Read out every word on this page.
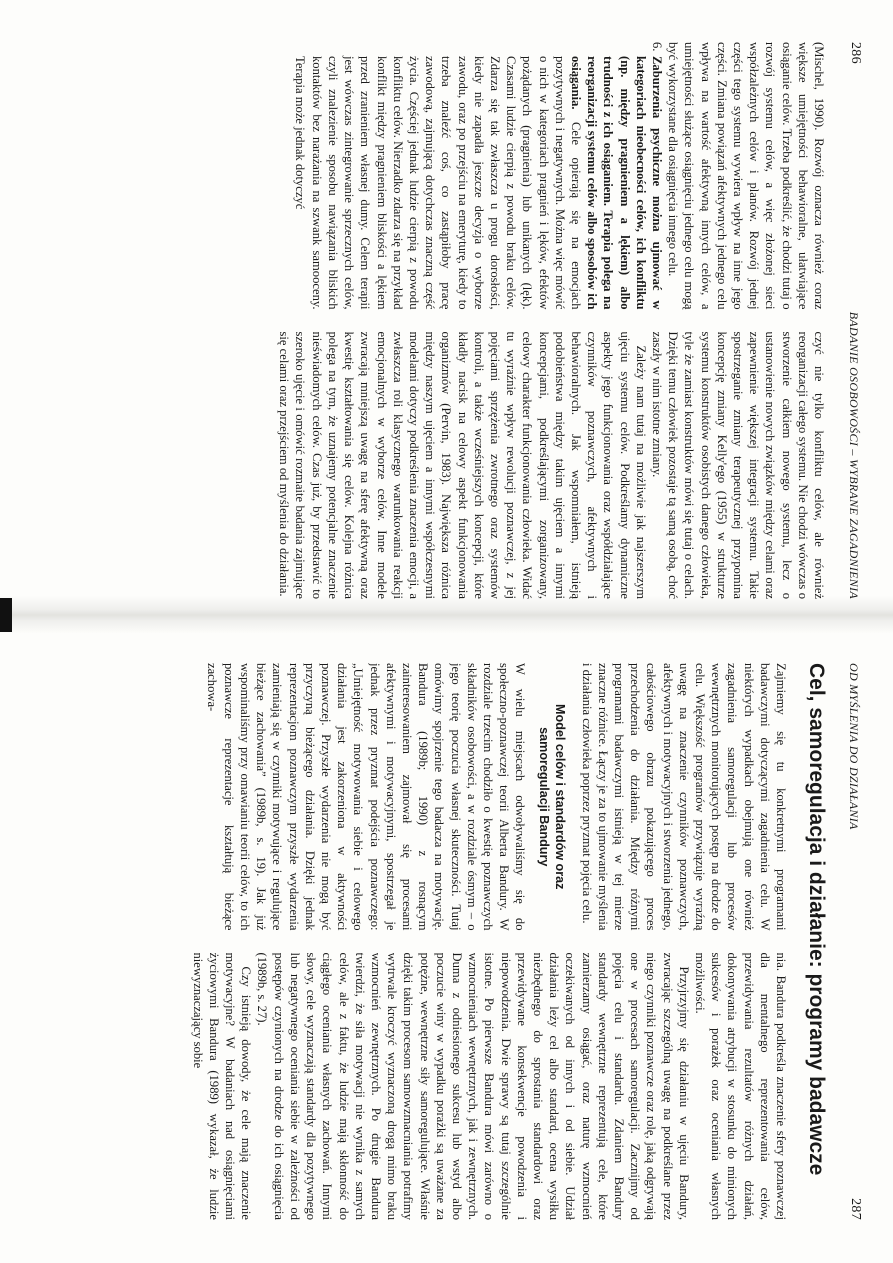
286
BADANIE OSOBOWOŚCI – WYBRANE ZAGADNIENIA

(Mischel, 1990). Rozwój oznacza również coraz większe umiejętności behawioralne, ułatwiające osiąganie celów. Trzeba podkreślić, że chodzi tutaj o rozwój systemu celów, a więc złożonej sieci współzależnych celów i planów. Rozwój jednej części tego systemu wywiera wpływ na inne jego części. Zmiana powiązań afektywnych jednego celu wpływa na wartość afektywną innych celów, a umiejętności służące osiągnięciu jednego celu mogą być wykorzystane dla osiągnięcia innego celu.

6.
Zaburzenia psychiczne można ujmować w kategoriach nieobecności celów, ich konfliktu (np. między pragnieniem a lękiem) albo trudności z ich osiąganiem. Terapia polega na reorganizacji systemu celów albo sposobów ich osiągania. Cele opierają się na emocjach pozytywnych i negatywnych. Można więc mówić o nich w kategoriach pragnień i lęków, efektów pożądanych (pragnienia) lub unikanych (lęk). Czasami ludzie cierpią z powodu braku celów. Zdarza się tak zwłaszcza u progu dorosłości, kiedy nie zapadła jeszcze decyzja o wyborze zawodu, oraz po przejściu na emeryturę, kiedy to trzeba znaleźć coś, co zastąpiłoby pracę zawodową, zajmującą dotychczas znaczną część życia. Częściej jednak ludzie cierpią z powodu konfliktu celów. Nierzadko zdarza się na przykład konflikt między pragnieniem bliskości a lękiem przed zranieniem własnej dumy. Celem terapii jest wówczas zintegrowanie sprzecznych celów, czyli znalezienie sposobu nawiązania bliskich kontaktów bez narażania na szwank samooceny. Terapia może jednak dotyczyć

czyć nie tylko konfliktu celów, ale również reorganizacji całego systemu. Nie chodzi wówczas o stworzenie całkiem nowego systemu, lecz o ustanowienie nowych związków między celami oraz zapewnienie większej integracji systemu. Takie spostrzeganie zmiany terapeutycznej przypomina koncepcję zmiany Kelly'ego (1955) w strukturze systemu konstruktów osobistych danego człowieka, tyle że zamiast konstruktów mówi się tutaj o celach. Dzięki temu człowiek pozostaje tą samą osobą, choć zaszły w nim istotne zmiany.

Zależy nam tutaj na możliwie jak najszerszym ujęciu systemu celów. Podkreślamy dynamiczne aspekty jego funkcjonowania oraz współdziałające czynników poznawczych, afektywnych i behawioralnych. Jak wspomniałem, istnieją podobieństwa między takim ujęciem a innymi koncepcjami, podkreślającymi zorganizowany, celowy charakter funkcjonowania człowieka. Widać tu wyraźnie wpływ rewolucji poznawczej, z jej pojęciami sprzężenia zwrotnego oraz systemów kontroli, a także wcześniejszych koncepcji, które kładły nacisk na celowy aspekt funkcjonowania organizmów (Pervin, 1983). Największa różnica między naszym ujęciem a innymi współczesnymi modelami dotyczy podkreślenia znaczenia emocji, a zwłaszcza roli klasycznego warunkowania reakcji emocjonalnych w wyborze celów. Inne modele zwracają mniejszą uwagę na sferę afektywną oraz kwestię kształtowania się celów. Kolejna różnica polega na tym, że uznajemy potencjalne znaczenie nieświadomych celów. Czas już, by przedstawić to szeroko ujęcie i omówić rozmaite badania zajmujące się celami oraz przejściem od myślenia do działania.

OD MYŚLENIA DO DZIAŁANIA
287
Cel, samoregulacja i działanie: programy badawcze

Zajmiemy się tu konkretnymi programami badawczymi dotyczącymi zagadnienia celu. W niektórych wypadkach obejmują one również zagadnienia samoregulacji lub procesów wewnętrznych monitorujących postęp na drodze do celu. Większość programów przywiązuje wyraźną uwagę na znaczenie czynników poznawczych, afektywnych i motywacyjnych i stworzenia jednego, całościowego obrazu pokazującego proces przechodzenia do działania. Między różnymi programami badawczymi istnieją w tej mierze znaczne różnice. Łączy je za to ujmowanie myślenia i działania człowieka poprzez pryzmat pojęcia celu.

Model celów i standardów oraz samoregulacji Bandury

W wielu miejscach odwoływaliśmy się do społeczno-poznawczej teorii Alberta Bandury. W rozdziale trzecim chodziło o kwestię poznawczych składników osobowości, a w rozdziale ósmym – o jego teorię poczucia własnej skuteczności. Tutaj omówimy spojrzenie tego badacza na motywację. Bandura (1989b; 1990) z rosnącym zainteresowaniem zajmował się procesami afektywnymi i motywacyjnymi, spostrzegał je jednak przez pryzmat podejścia poznawczego: „Umiejętność motywowania siebie i celowego działania jest zakorzeniona w aktywności poznawczej. Przyszłe wydarzenia nie mogą być przyczyną bieżącego działania. Dzięki jednak reprezentacjom poznawczym przyszłe wydarzenia zamieniają się w czynniki motywujące i regulujące bieżące zachowania” (1989b, s. 19). Jak już wspominaliśmy przy omawianiu teorii celów, to ich poznawcze reprezentacje kształtują bieżące zachowa-

nia. Bandura podkreśla znaczenie sfery poznawczej dla mentalnego reprezentowania celów, przewidywania rezultatów różnych działań, dokonywania atrybucji w stosunku do minionych sukcesów i porażek oraz oceniania własnych możliwości.

Przyjrzyjmy się działaniu w ujęciu Bandury, zwracając szczególną uwagę na podkreślane przez niego czynniki poznawcze oraz rolę, jaką odgrywają one w procesach samoregulacji. Zacznijmy od pojęcia celu i standardu. Zdaniem Bandury standardy wewnętrzne reprezentują cele, które zamierzamy osiągać, oraz naturę wzmocnień oczekiwanych od innych i od siebie. Udział działania leży cel albo standard, ocena wysiłku niezbędnego do sprostania standardowi oraz przewidywane konsekwencje powodzenia i niepowodzenia. Dwie sprawy są tutaj szczególnie istotne. Po pierwsze Bandura mówi zarówno o wzmocnieniach wewnętrznych, jak i zewnętrznych. Duma z odniesionego sukcesu lub wstyd albo poczucie winy w wypadku porażki są uważane za potężne, wewnętrzne siły samoregulujące. Właśnie dzięki takim procesom samowzmacniania potrafimy wytrwale kroczyć wyznaczoną drogą mimo braku wzmocnień zewnętrznych. Po drugie Bandura twierdzi, że siła motywacji nie wynika z samych celów, ale z faktu, że ludzie mają skłonność do ciągłego oceniania własnych zachowań. Innymi słowy, cele wyznaczają standardy dla pozytywnego lub negatywnego oceniania siebie w zależności od postępów czynionych na drodze do ich osiągnięcia (1989b, s. 27).

Czy istnieją dowody, że cele mają znaczenie motywacyjne? W badaniach nad osiągnięciami życiowymi Bandura (1989) wykazał, że ludzie niewyznaczający sobie
